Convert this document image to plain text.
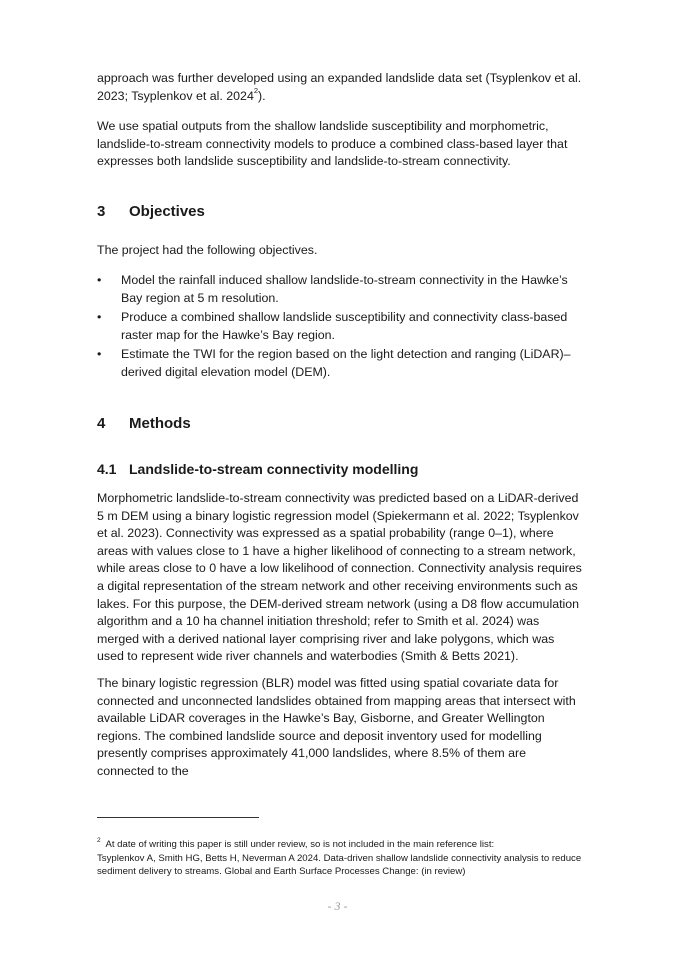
approach was further developed using an expanded landslide data set (Tsyplenkov et al. 2023; Tsyplenkov et al. 2024$^2$).

We use spatial outputs from the shallow landslide susceptibility and morphometric, landslide-to-stream connectivity models to produce a combined class-based layer that expresses both landslide susceptibility and landslide-to-stream connectivity.

3 Objectives

The project had the following objectives.

• Model the rainfall induced shallow landslide-to-stream connectivity in the Hawke’s Bay region at 5 m resolution.
• Produce a combined shallow landslide susceptibility and connectivity class-based raster map for the Hawke’s Bay region.
• Estimate the TWI for the region based on the light detection and ranging (LiDAR)–derived digital elevation model (DEM).
4 Methods
4.1 Landslide-to-stream connectivity modelling

Morphometric landslide-to-stream connectivity was predicted based on a LiDAR-derived 5 m DEM using a binary logistic regression model (Spiekermann et al. 2022; Tsyplenkov et al. 2023). Connectivity was expressed as a spatial probability (range 0–1), where areas with values close to 1 have a higher likelihood of connecting to a stream network, while areas close to 0 have a low likelihood of connection. Connectivity analysis requires a digital representation of the stream network and other receiving environments such as lakes. For this purpose, the DEM-derived stream network (using a D8 flow accumulation algorithm and a 10 ha channel initiation threshold; refer to Smith et al. 2024) was merged with a derived national layer comprising river and lake polygons, which was used to represent wide river channels and waterbodies (Smith & Betts 2021).

The binary logistic regression (BLR) model was fitted using spatial covariate data for connected and unconnected landslides obtained from mapping areas that intersect with available LiDAR coverages in the Hawke’s Bay, Gisborne, and Greater Wellington regions. The combined landslide source and deposit inventory used for modelling presently comprises approximately 41,000 landslides, where 8.5% of them are connected to the

$^2$ At date of writing this paper is still under review, so is not included in the main reference list:
Tsyplenkov A, Smith HG, Betts H, Neverman A 2024. Data-driven shallow landslide connectivity analysis to reduce sediment delivery to streams. Global and Earth Surface Processes Change: (in review)

- 3 -
